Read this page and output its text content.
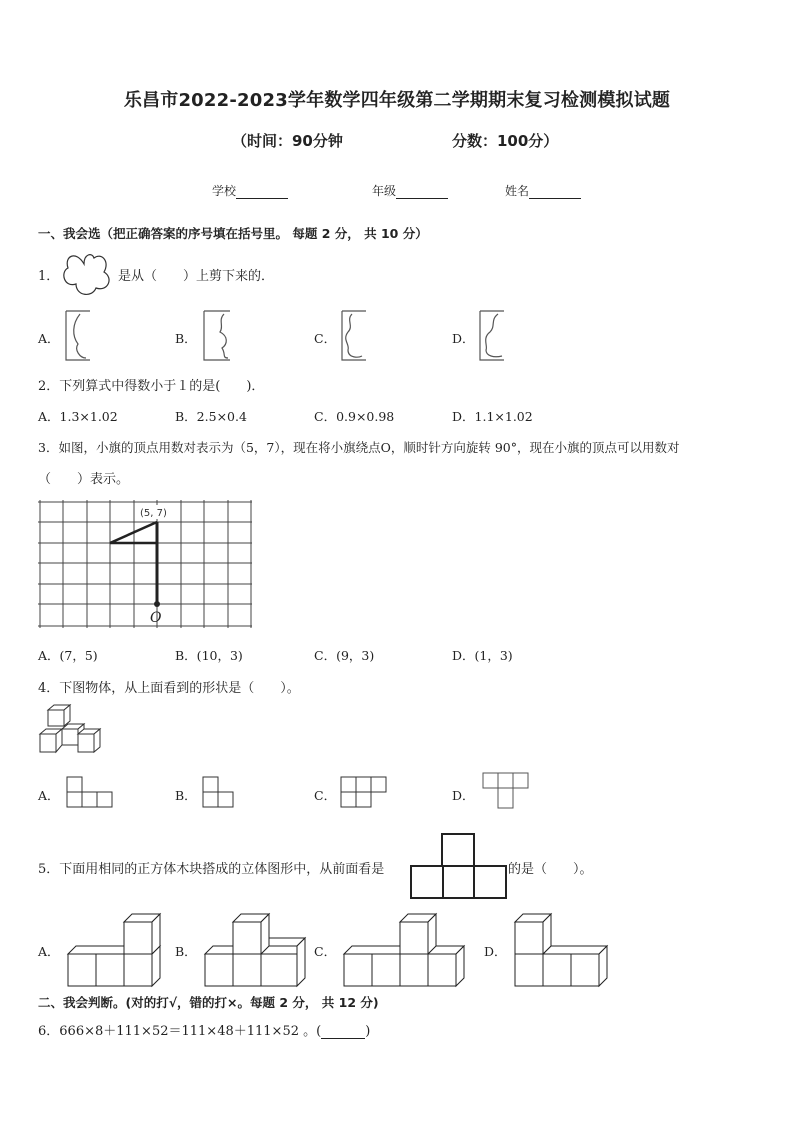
乐昌市2022-2023学年数学四年级第二学期期末复习检测模拟试题
（时间：90分钟	分数：100分）
学校	年级	姓名
一、我会选（把正确答案的序号填在括号里。 每题 2 分， 共 10 分）
1．	是从（　　）上剪下来的．
A．	B．	C．	D．
2．下列算式中得数小于１的是(　　)．
A．1.3×1.02	B．2.5×0.4	C．0.9×0.98	D．1.1×1.02
3．如图，小旗的顶点用数对表示为（5，7），现在将小旗绕点O，顺时针方向旋转 90°，现在小旗的顶点可以用数对
（　　）表示。
(5, 7)
O
A．(7，5)	B．(10，3)	C．(9，3)	D．(1，3)
4．下图物体，从上面看到的形状是（　　）。
A．	B．	C．	D．
5．下面用相同的正方体木块搭成的立体图形中，从前面看是	的是（　　）。
A．	B．	C．	D．
二、我会判断。(对的打√，错的打×。每题 2 分， 共 12 分)
6．666×8＋111×52＝111×48＋111×52 。(	)
